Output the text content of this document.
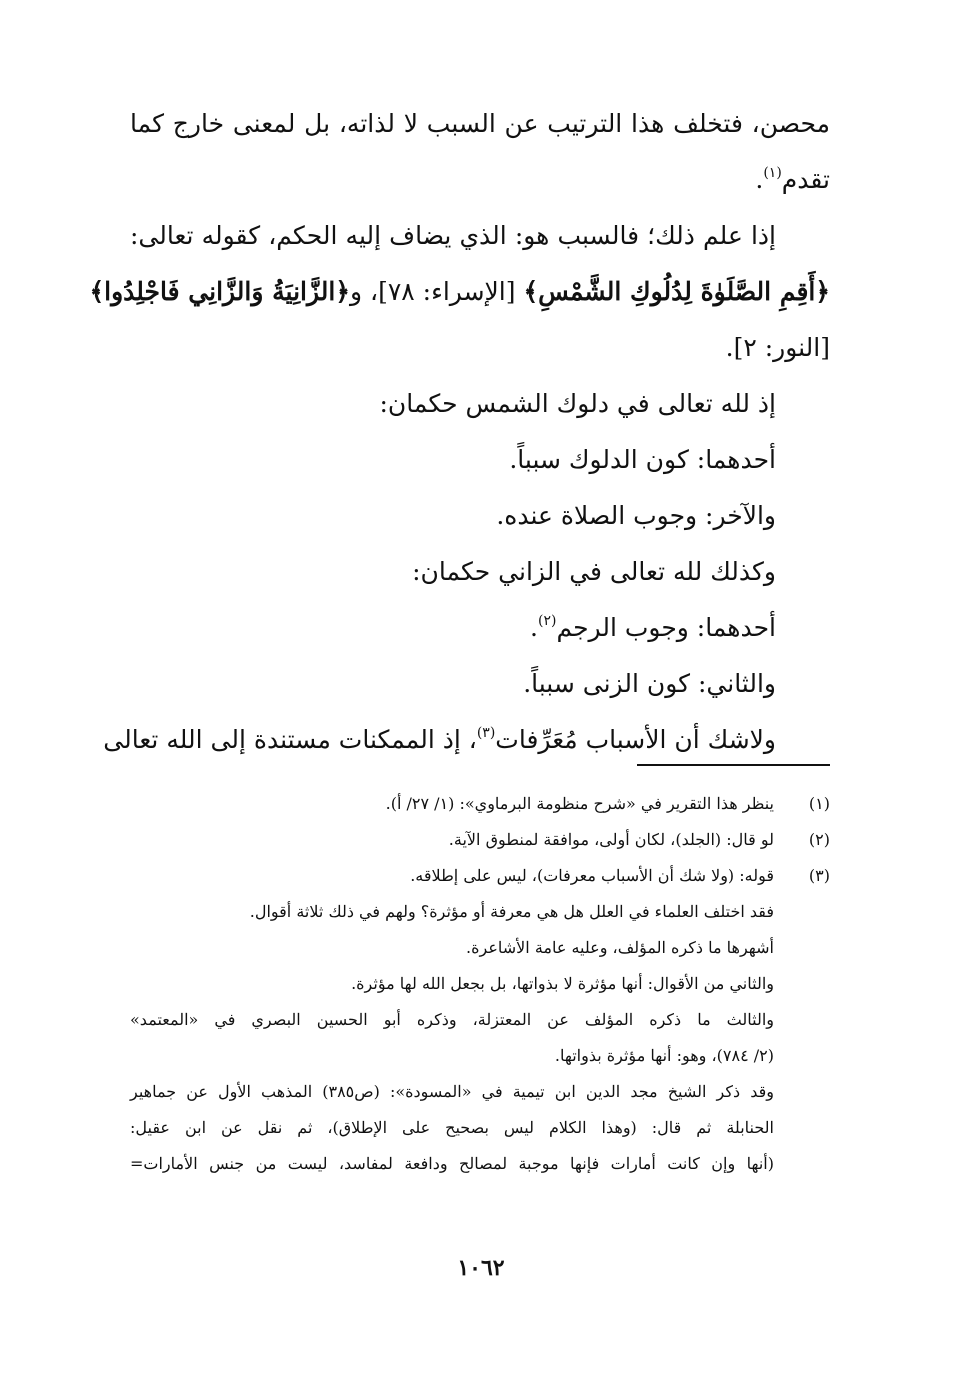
محصن، فتخلف هذا الترتيب عن السبب لا لذاته، بل لمعنى خارج كما
تقدم$^{(١)}$.
إذا علم ذلك؛ فالسبب هو: الذي يضاف إليه الحكم، كقوله تعالى:
﴿أَقِمِ الصَّلَوٰةَ لِدُلُوكِ الشَّمْسِ﴾ [الإسراء: ٧٨]، و﴿الزَّانِيَةُ وَالزَّانِي فَاجْلِدُوا﴾
[النور: ٢].
إذ لله تعالى في دلوك الشمس حكمان:
أحدهما: كون الدلوك سبباً.
والآخر: وجوب الصلاة عنده.
وكذلك لله تعالى في الزاني حكمان:
أحدهما: وجوب الرجم$^{(٢)}$.
والثاني: كون الزنى سبباً.
ولاشك أن الأسباب مُعَرِّفات$^{(٣)}$، إذ الممكنات مستندة إلى الله تعالى
(١)
ينظر هذا التقرير في «شرح منظومة البرماوي»: (١/ ٢٧/ أ).
(٢)
لو قال: (الجلد)، لكان أولى، موافقة لمنطوق الآية.
(٣)
قوله: (ولا شك أن الأسباب معرفات)، ليس على إطلاقه.
فقد اختلف العلماء في العلل هل هي معرفة أو مؤثرة؟ ولهم في ذلك ثلاثة أقوال.
أشهرها ما ذكره المؤلف، وعليه عامة الأشاعرة.
والثاني من الأقوال: أنها مؤثرة لا بذواتها، بل بجعل الله لها مؤثرة.
والثالث ما ذكره المؤلف عن المعتزلة، وذكره أبو الحسين البصري في «المعتمد»
(٢/ ٧٨٤)، وهو: أنها مؤثرة بذواتها.
وقد ذكر الشيخ مجد الدين ابن تيمية في «المسودة»: (ص٣٨٥) المذهب الأول عن جماهير
الحنابلة ثم قال: (وهذا الكلام ليس بصحيح على الإطلاق)، ثم نقل عن ابن عقيل:
(أنها وإن كانت أمارات فإنها موجبة لمصالح ودافعة لمفاسد، ليست من جنس الأمارات=
١٠٦٢
